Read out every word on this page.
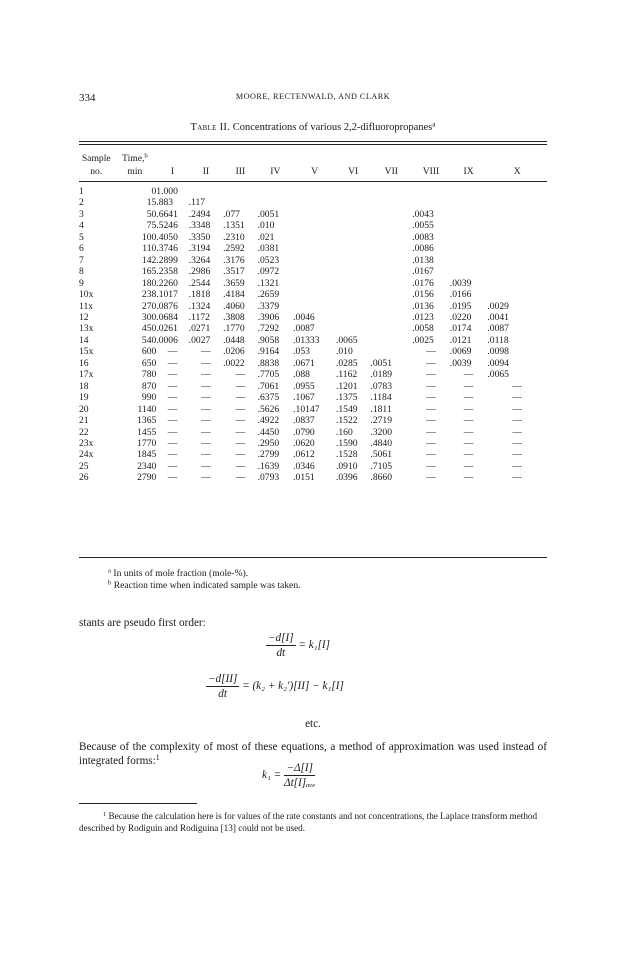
334	MOORE, RECTENWALD, AND CLARK
Table II. Concentrations of various 2,2-difluoropropanes$^a$
Sample	Time,$^b$										
no.	min	I	II	III	IV	V	VI	VII	VIII	IX	X

1	0	1.000									
2	15	.883	.117								
3	50	.6641	.2494	.077	.0051				.0043		
4	75	.5246	.3348	.1351	.010				.0055		
5	100	.4050	.3350	.2310	.021				.0083		
6	110	.3746	.3194	.2592	.0381				.0086		
7	142	.2899	.3264	.3176	.0523				.0138		
8	165	.2358	.2986	.3517	.0972				.0167		
9	180	.2260	.2544	.3659	.1321				.0176	.0039	
10x	238	.1017	.1818	.4184	.2659				.0156	.0166	
11x	270	.0876	.1324	.4060	.3379				.0136	.0195	.0029
12	300	.0684	.1172	.3808	.3906	.0046			.0123	.0220	.0041
13x	450	.0261	.0271	.1770	.7292	.0087			.0058	.0174	.0087
14	540	.0006	.0027	.0448	.9058	.01333	.0065		.0025	.0121	.0118
15x	600	—	—	.0206	.9164	.053	.010		—	.0069	.0098
16	650	—	—	.0022	.8838	.0671	.0285	.0051	—	.0039	.0094
17x	780	—	—	—	.7705	.088	.1162	.0189	—	—	.0065
18	870	—	—	—	.7061	.0955	.1201	.0783	—	—	—
19	990	—	—	—	.6375	.1067	.1375	.1184	—	—	—
20	1140	—	—	—	.5626	.10147	.1549	.1811	—	—	—
21	1365	—	—	—	.4922	.0837	.1522	.2719	—	—	—
22	1455	—	—	—	.4450	.0790	.160	.3200	—	—	—
23x	1770	—	—	—	.2950	.0620	.1590	.4840	—	—	—
24x	1845	—	—	—	.2799	.0612	.1528	.5061	—	—	—
25	2340	—	—	—	.1639	.0346	.0910	.7105	—	—	—
26	2790	—	—	—	.0793	.0151	.0396	.8660	—	—	—
$^a$ In units of mole fraction (mole-%).
$^b$ Reaction time when indicated sample was taken.
stants are pseudo first order:
$\frac{-d[I]}{dt} = k_1[I]$
$\frac{-d[II]}{dt} = (k_2 + k_2')[II] - k_1[I]$
etc.
Because of the complexity of most of these equations, a method of approximation was used instead of integrated forms:$^1$
$k_1 = \frac{-\Delta[I]}{\text{Δt[I]ₐᵥₑ}}$
$^1$ Because the calculation here is for values of the rate constants and not concentrations, the Laplace transform method described by Rodiguin and Rodiguina [13] could not be used.
